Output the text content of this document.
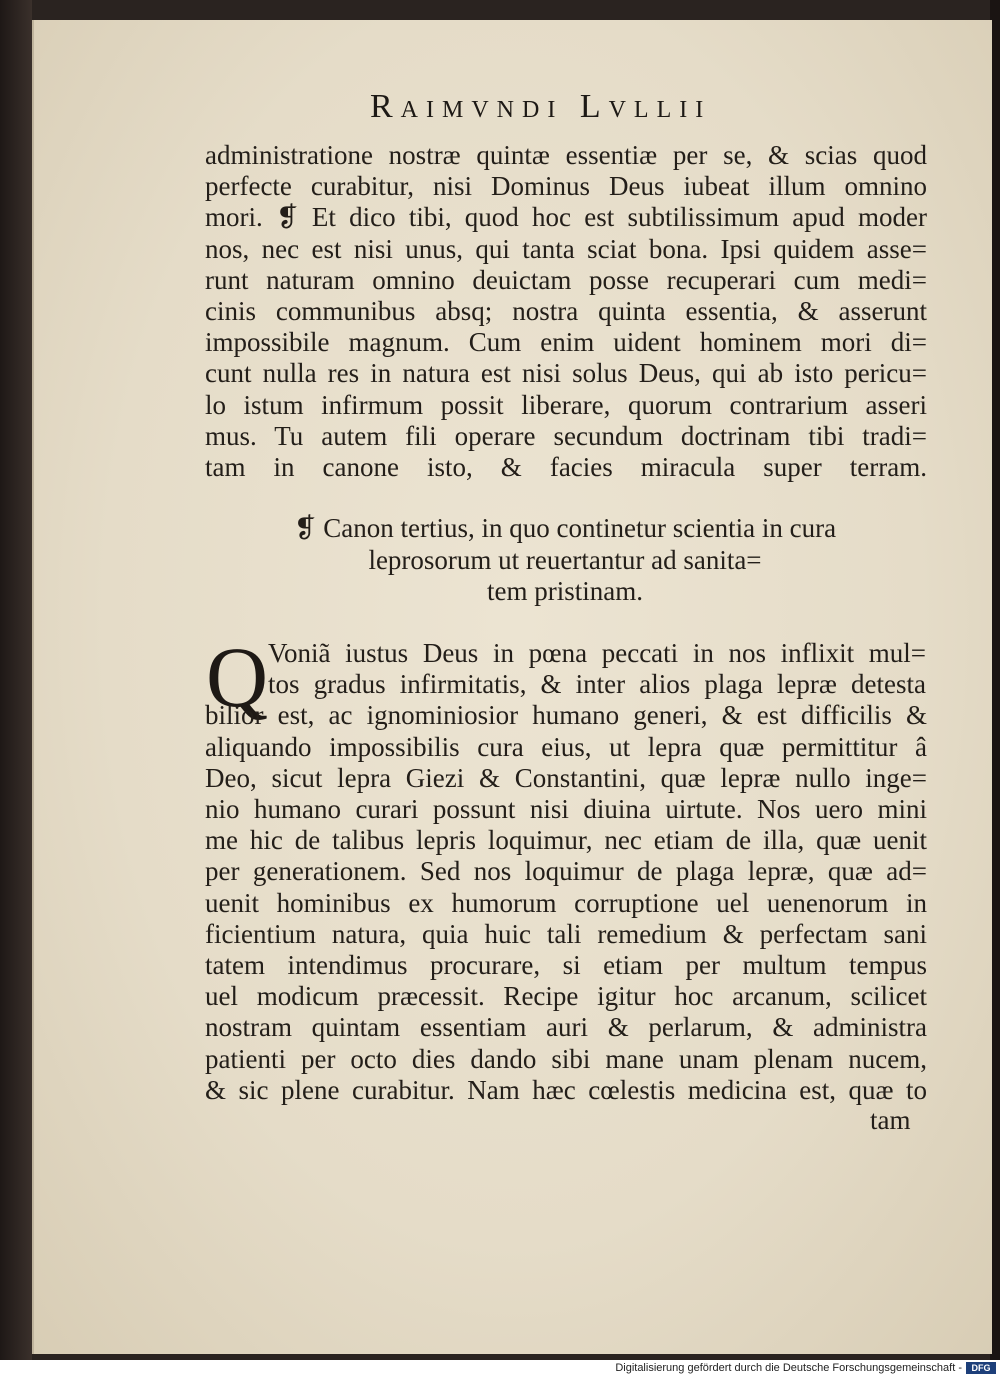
Raimvndi Lvllii
administratione nostræ quintæ essentiæ per se, & scias quod
perfecte curabitur, nisi Dominus Deus iubeat illum omnino
mori. ❡ Et dico tibi, quod hoc est subtilissimum apud moder
nos, nec est nisi unus, qui tanta sciat bona. Ipsi quidem asse=
runt naturam omnino deuictam posse recuperari cum medi=
cinis communibus absq; nostra quinta essentia, & asserunt
impossibile magnum. Cum enim uident hominem mori di=
cunt nulla res in natura est nisi solus Deus, qui ab isto pericu=
lo istum infirmum possit liberare, quorum contrarium asseri
mus. Tu autem fili operare secundum doctrinam tibi tradi=
tam in canone isto, & facies miracula super terram.
❡ Canon tertius, in quo continetur scientia in cura
leprosorum ut reuertantur ad sanita=
tem pristinam.
Q Voniã iustus Deus in pœna peccati in nos inflixit mul=
tos gradus infirmitatis, & inter alios plaga lepræ detesta
bilior est, ac ignominiosior humano generi, & est difficilis &
aliquando impossibilis cura eius, ut lepra quæ permittitur â
Deo, sicut lepra Giezi & Constantini, quæ lepræ nullo inge=
nio humano curari possunt nisi diuina uirtute. Nos uero mini
me hic de talibus lepris loquimur, nec etiam de illa, quæ uenit
per generationem. Sed nos loquimur de plaga lepræ, quæ ad=
uenit hominibus ex humorum corruptione uel uenenorum in
ficientium natura, quia huic tali remedium & perfectam sani
tatem intendimus procurare, si etiam per multum tempus
uel modicum præcessit. Recipe igitur hoc arcanum, scilicet
nostram quintam essentiam auri & perlarum, & administra
patienti per octo dies dando sibi mane unam plenam nucem,
& sic plene curabitur. Nam hæc cœlestis medicina est, quæ to
tam
Digitalisierung gefördert durch die Deutsche Forschungsgemeinschaft -	DFG
